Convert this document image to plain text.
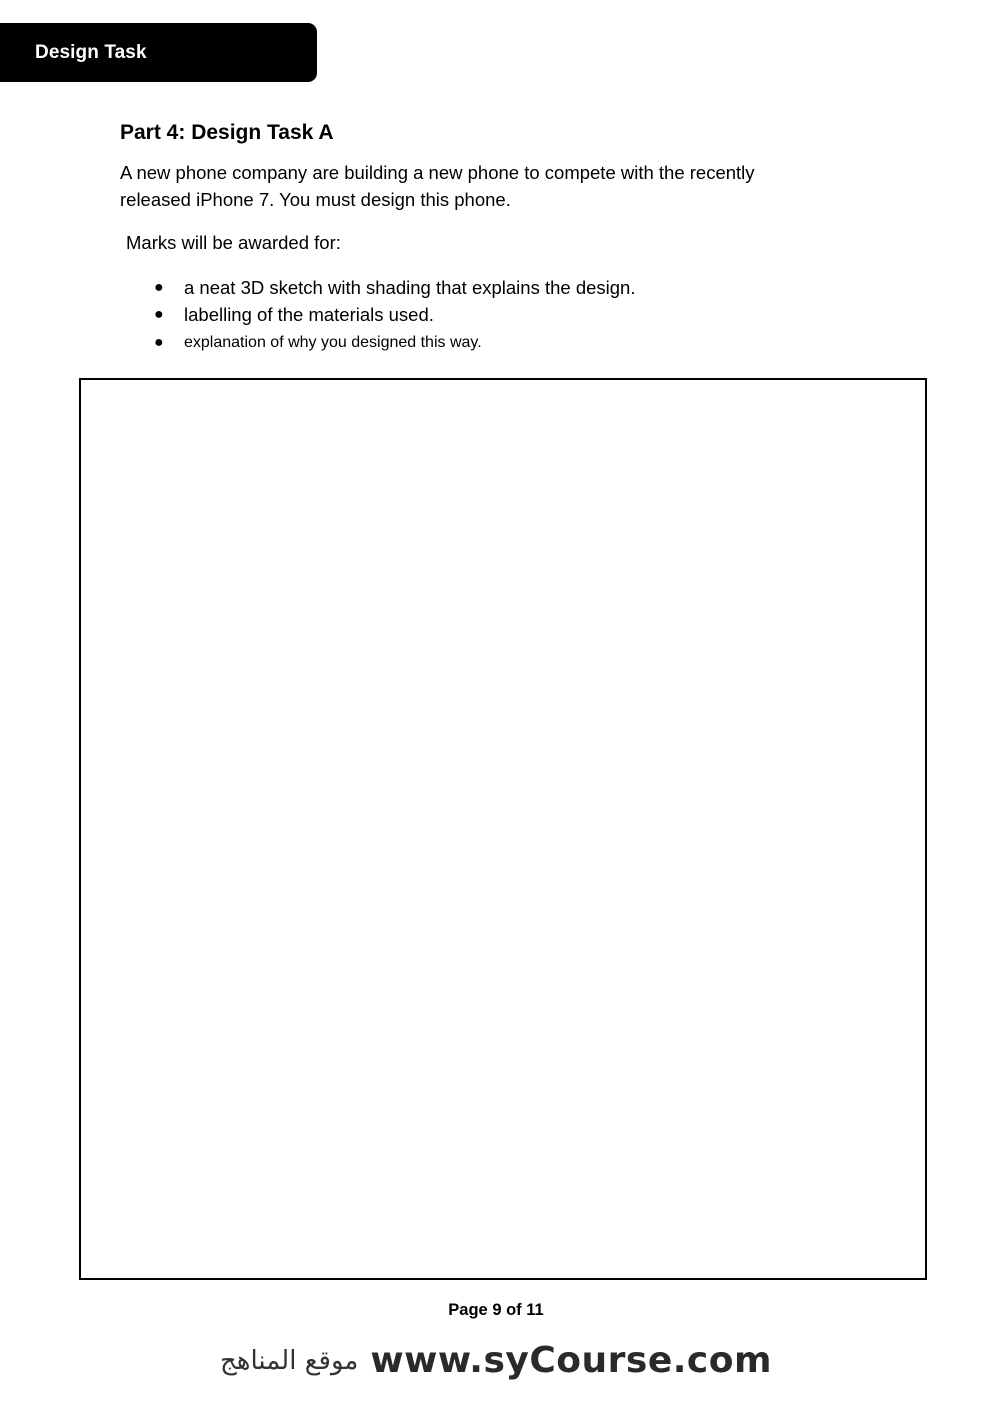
Design Task
Part 4: Design Task A

A new phone company are building a new phone to compete with the recently
released iPhone 7. You must design this phone.

Marks will be awarded for:

●	a neat 3D sketch with shading that explains the design.
●	labelling of the materials used.
●	explanation of why you designed this way.
Page 9 of 11
موقع المناهج www.syCourse.com
